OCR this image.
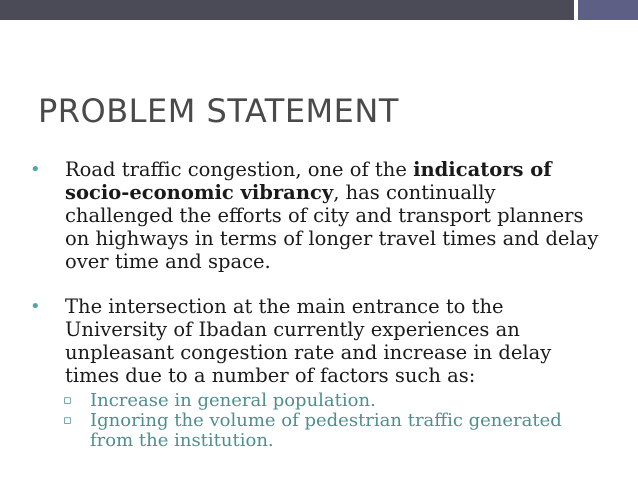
PROBLEM STATEMENT
• Road traffic congestion, one of the indicators of socio-economic vibrancy, has continually challenged the efforts of city and transport planners on highways in terms of longer travel times and delay over time and space.
• The intersection at the main entrance to the University of Ibadan currently experiences an unpleasant congestion rate and increase in delay times due to a number of factors such as:
▫ Increase in general population.
▫ Ignoring the volume of pedestrian traffic generated from the institution.
